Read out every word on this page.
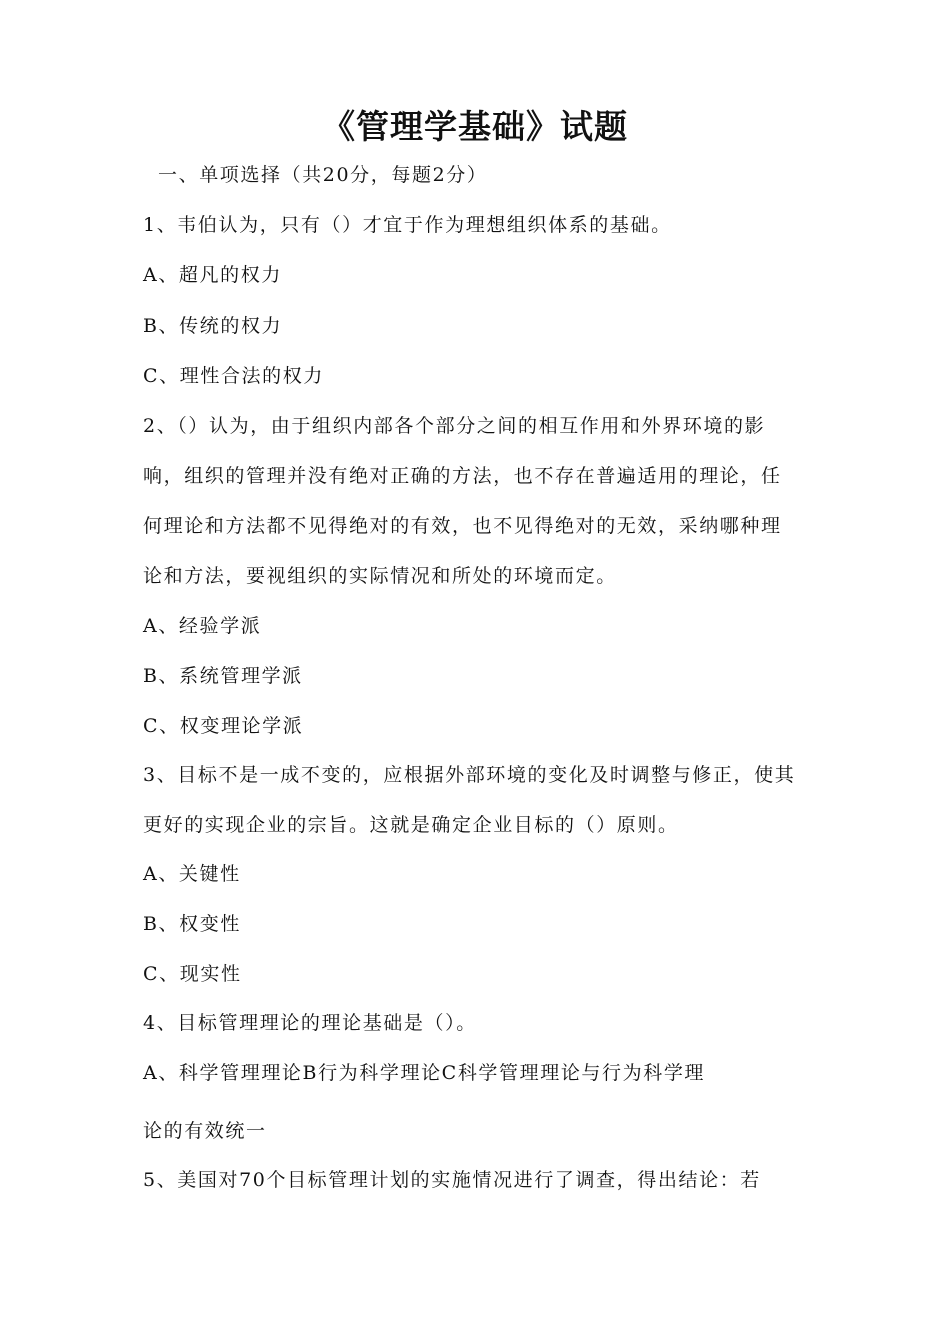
《管理学基础》试题
一、单项选择（共20分，每题2分）
1、韦伯认为，只有（）才宜于作为理想组织体系的基础。
A、超凡的权力
B、传统的权力
C、理性合法的权力
2、（）认为，由于组织内部各个部分之间的相互作用和外界环境的影
响，组织的管理并没有绝对正确的方法，也不存在普遍适用的理论，任
何理论和方法都不见得绝对的有效，也不见得绝对的无效，采纳哪种理
论和方法，要视组织的实际情况和所处的环境而定。
A、经验学派
B、系统管理学派
C、权变理论学派
3、目标不是一成不变的，应根据外部环境的变化及时调整与修正，使其
更好的实现企业的宗旨。这就是确定企业目标的（）原则。
A、关键性
B、权变性
C、现实性
4、目标管理理论的理论基础是（）。
A、科学管理理论B行为科学理论C科学管理理论与行为科学理
论的有效统一
5、美国对70个目标管理计划的实施情况进行了调查，得出结论：若
